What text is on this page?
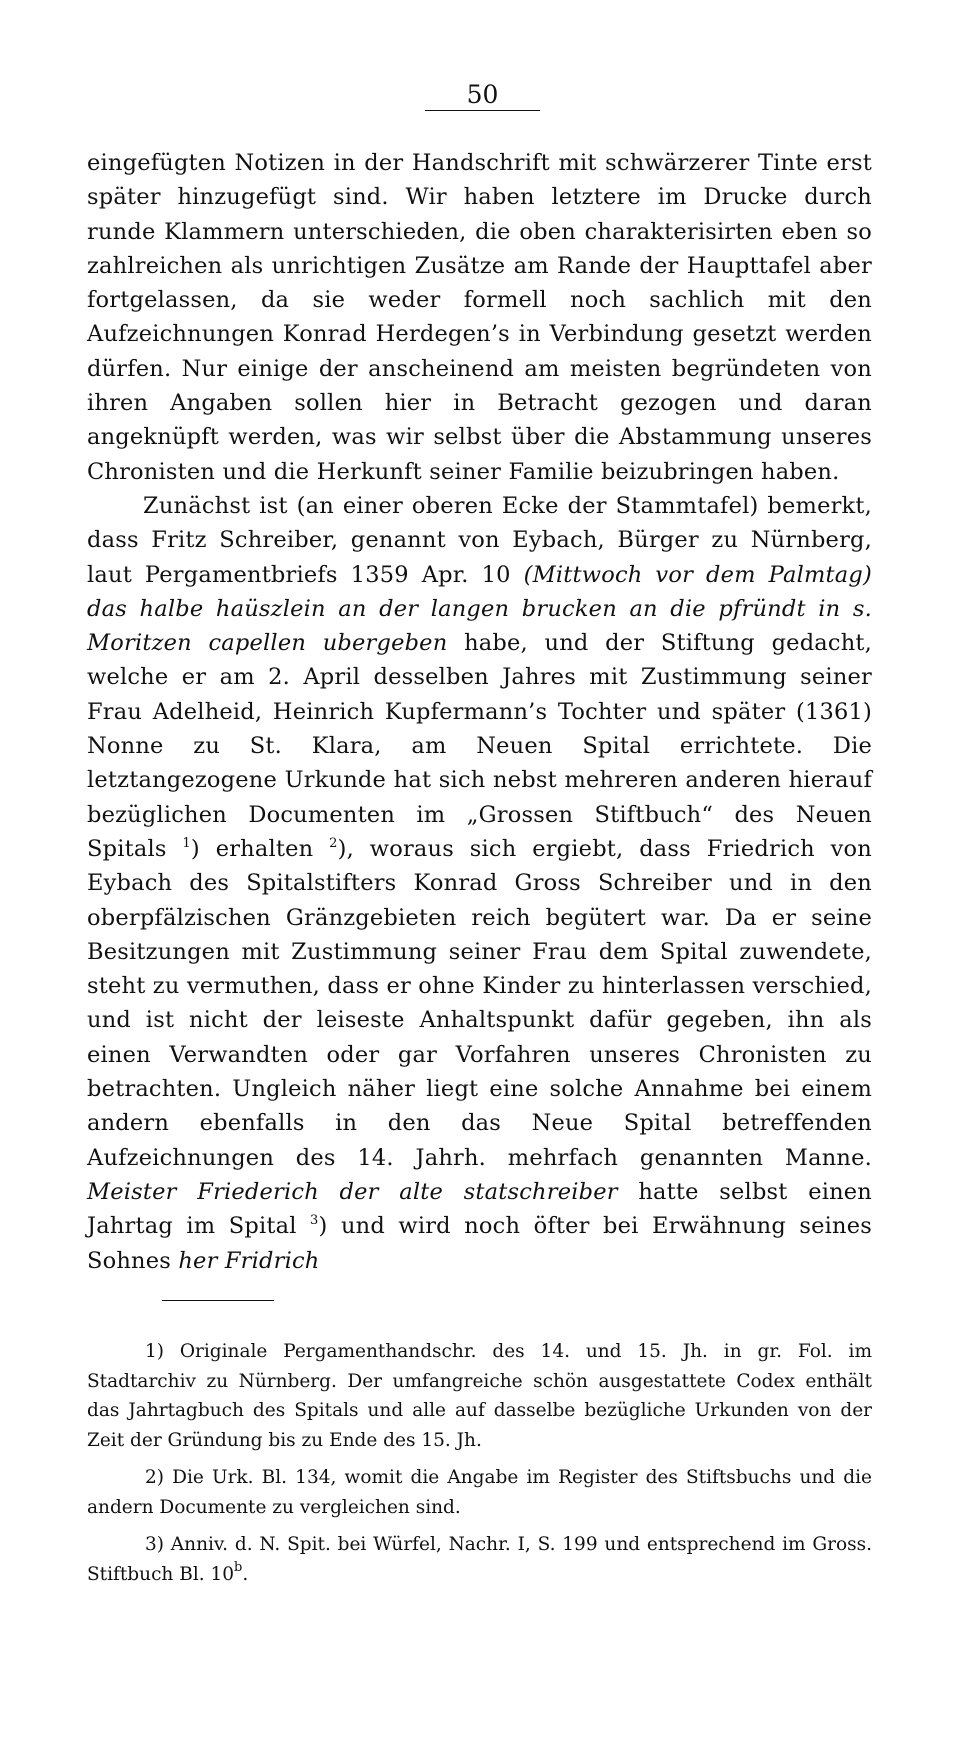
50

eingefügten Notizen in der Handschrift mit schwärzerer Tinte erst später hinzugefügt sind. Wir haben letztere im Drucke durch runde Klammern unterschieden, die oben charakterisirten eben so zahlreichen als unrichtigen Zusätze am Rande der Haupttafel aber fortgelassen, da sie weder formell noch sachlich mit den Aufzeichnungen Konrad Herdegen’s in Verbindung gesetzt werden dürfen. Nur einige der anscheinend am meisten begründeten von ihren Angaben sollen hier in Betracht gezogen und daran angeknüpft werden, was wir selbst über die Abstammung unseres Chronisten und die Herkunft seiner Familie beizubringen haben.

Zunächst ist (an einer oberen Ecke der Stammtafel) bemerkt, dass Fritz Schreiber, genannt von Eybach, Bürger zu Nürnberg, laut Pergamentbriefs 1359 Apr. 10 (Mittwoch vor dem Palmtag) das halbe haüszlein an der langen brucken an die pfründt in s. Moritzen capellen ubergeben habe, und der Stiftung gedacht, welche er am 2. April desselben Jahres mit Zustimmung seiner Frau Adelheid, Heinrich Kupfermann’s Tochter und später (1361) Nonne zu St. Klara, am Neuen Spital errichtete. Die letztangezogene Urkunde hat sich nebst mehreren anderen hierauf bezüglichen Documenten im „Grossen Stiftbuch“ des Neuen Spitals $^1$) erhalten $^2$), woraus sich ergiebt, dass Friedrich von Eybach des Spitalstifters Konrad Gross Schreiber und in den oberpfälzischen Gränzgebieten reich begütert war. Da er seine Besitzungen mit Zustimmung seiner Frau dem Spital zuwendete, steht zu vermuthen, dass er ohne Kinder zu hinterlassen verschied, und ist nicht der leiseste Anhaltspunkt dafür gegeben, ihn als einen Verwandten oder gar Vorfahren unseres Chronisten zu betrachten. Ungleich näher liegt eine solche Annahme bei einem andern ebenfalls in den das Neue Spital betreffenden Aufzeichnungen des 14. Jahrh. mehrfach genannten Manne. Meister Friederich der alte statschreiber hatte selbst einen Jahrtag im Spital $^3$) und wird noch öfter bei Erwähnung seines Sohnes her Fridrich

1) Originale Pergamenthandschr. des 14. und 15. Jh. in gr. Fol. im Stadtarchiv zu Nürnberg. Der umfangreiche schön ausgestattete Codex enthält das Jahrtagbuch des Spitals und alle auf dasselbe bezügliche Urkunden von der Zeit der Gründung bis zu Ende des 15. Jh.

2) Die Urk. Bl. 134, womit die Angabe im Register des Stiftsbuchs und die andern Documente zu vergleichen sind.

3) Anniv. d. N. Spit. bei Würfel, Nachr. I, S. 199 und entsprechend im Gross. Stiftbuch Bl. 10$^b$.
